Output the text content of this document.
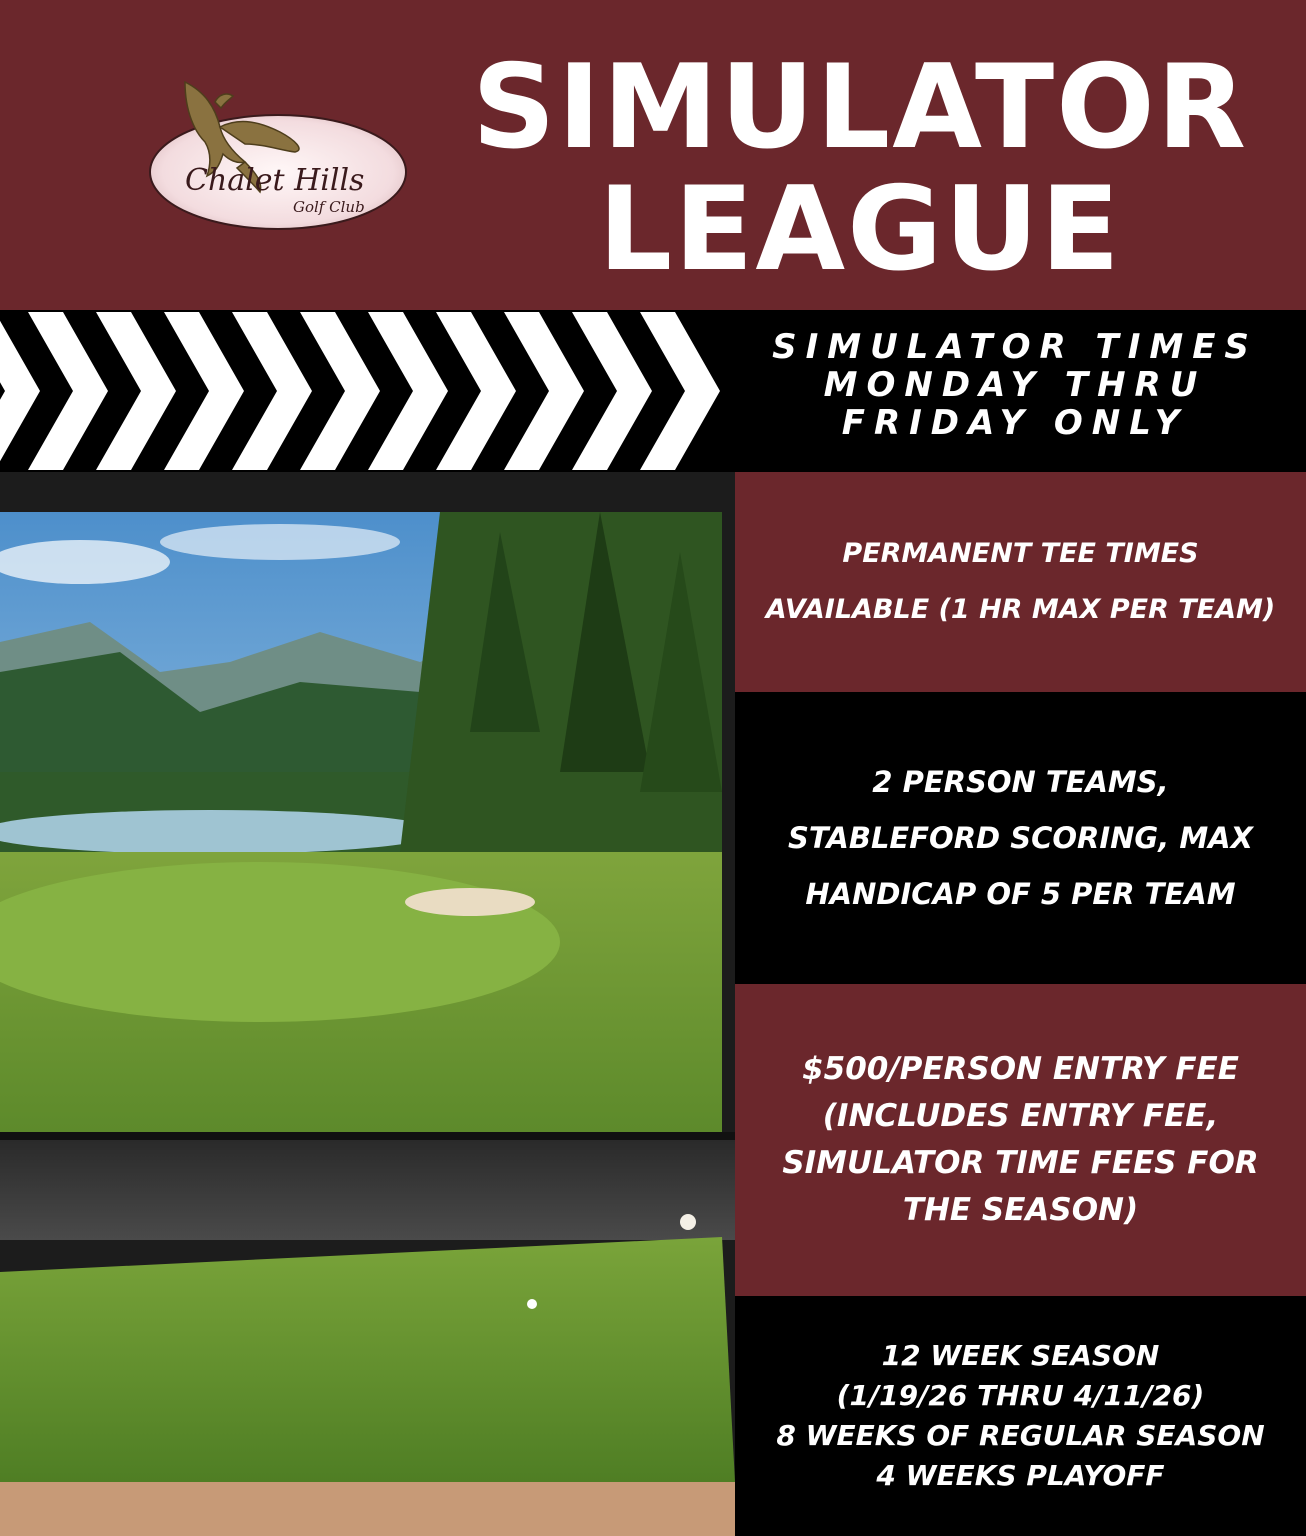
Chalet Hills
Golf Club
SIMULATOR
LEAGUE
SIMULATOR TIMES
MONDAY THRU
FRIDAY ONLY
PERMANENT TEE TIMES
AVAILABLE (1 HR MAX PER TEAM)
2 PERSON TEAMS,
STABLEFORD SCORING, MAX
HANDICAP OF 5 PER TEAM
$500/PERSON ENTRY FEE
(INCLUDES ENTRY FEE,
SIMULATOR TIME FEES FOR
THE SEASON)
12 WEEK SEASON
(1/19/26 THRU 4/11/26)
8 WEEKS OF REGULAR SEASON
4 WEEKS PLAYOFF
